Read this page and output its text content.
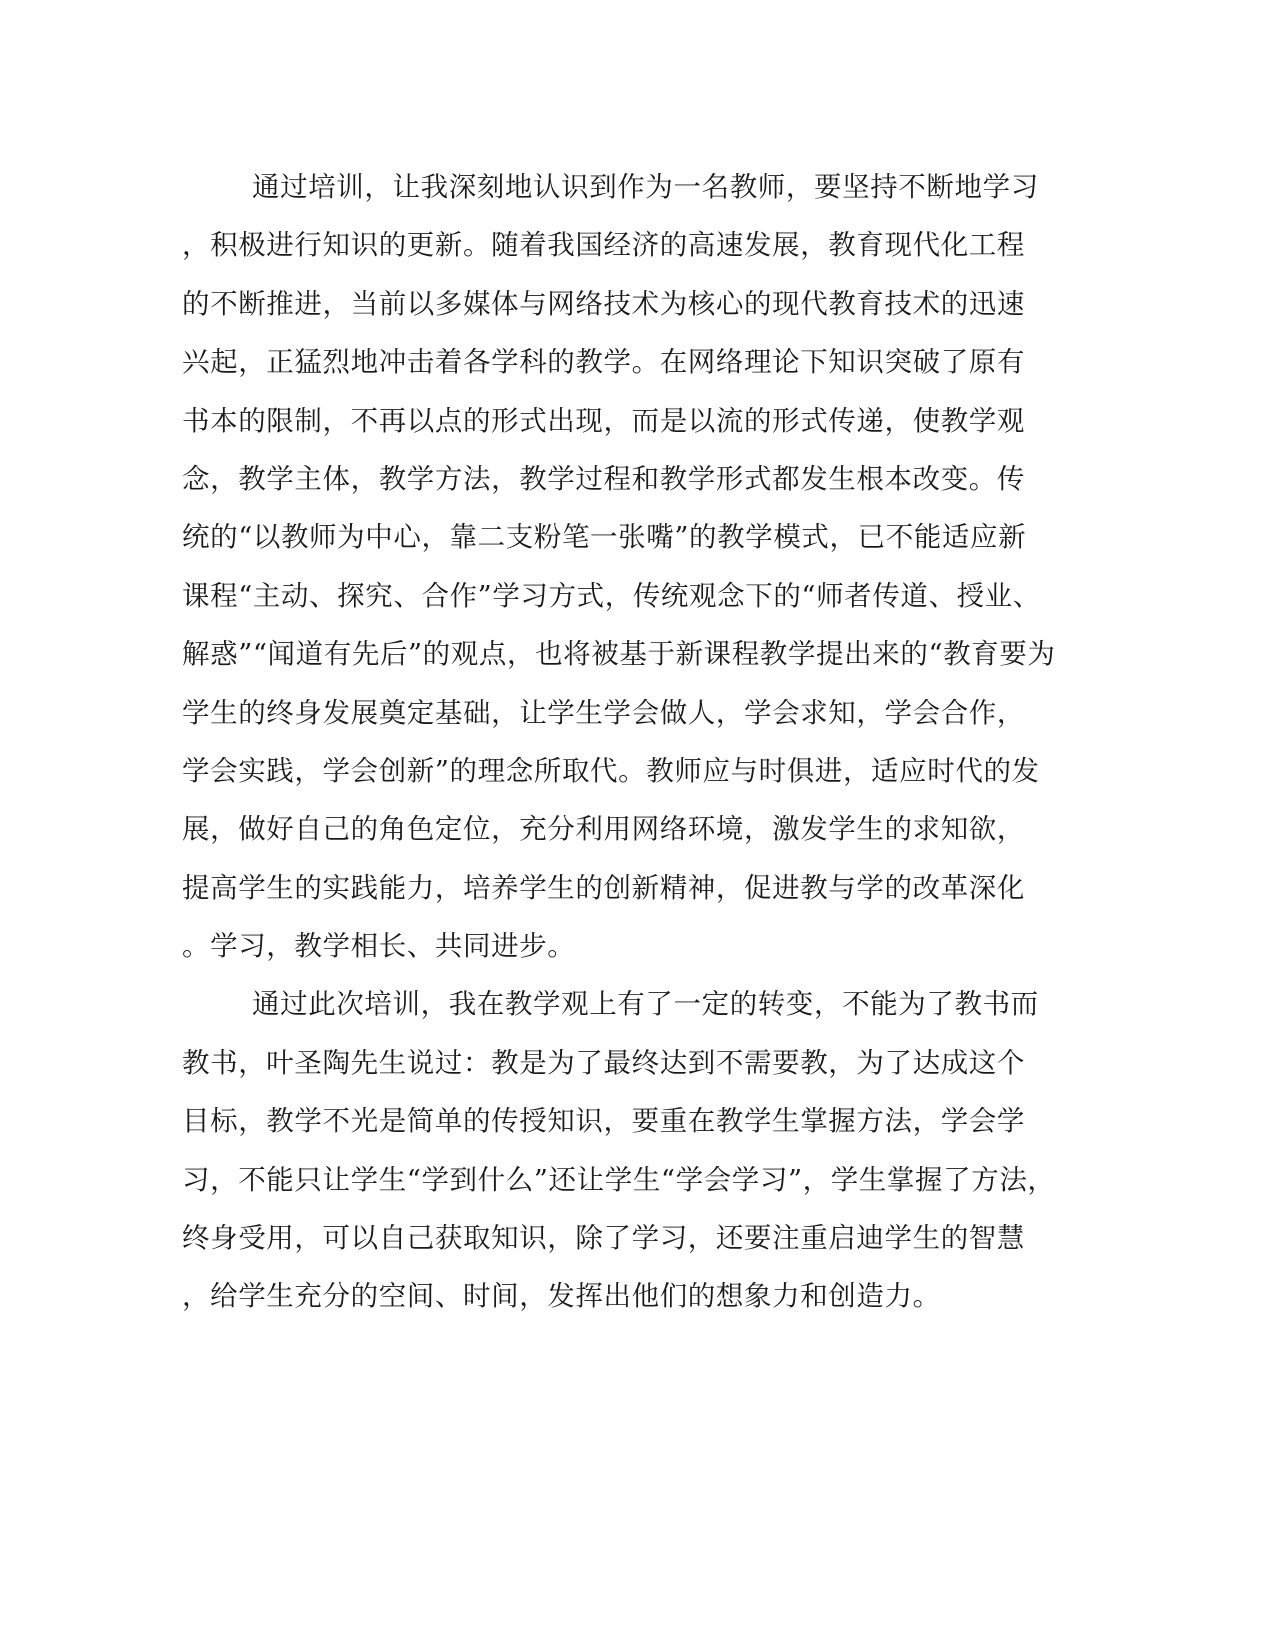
通过培训，让我深刻地认识到作为一名教师，要坚持不断地学习
，积极进行知识的更新。随着我国经济的高速发展，教育现代化工程
的不断推进，当前以多媒体与网络技术为核心的现代教育技术的迅速
兴起，正猛烈地冲击着各学科的教学。在网络理论下知识突破了原有
书本的限制，不再以点的形式出现，而是以流的形式传递，使教学观
念，教学主体，教学方法，教学过程和教学形式都发生根本改变。传
统的“以教师为中心，靠二支粉笔一张嘴”的教学模式，已不能适应新
课程“主动、探究、合作”学习方式，传统观念下的“师者传道、授业、
解惑”“闻道有先后”的观点，也将被基于新课程教学提出来的“教育要为
学生的终身发展奠定基础，让学生学会做人，学会求知，学会合作，
学会实践，学会创新”的理念所取代。教师应与时俱进，适应时代的发
展，做好自己的角色定位，充分利用网络环境，激发学生的求知欲，
提高学生的实践能力，培养学生的创新精神，促进教与学的改革深化
。学习，教学相长、共同进步。
通过此次培训，我在教学观上有了一定的转变，不能为了教书而
教书，叶圣陶先生说过：教是为了最终达到不需要教，为了达成这个
目标，教学不光是简单的传授知识，要重在教学生掌握方法，学会学
习，不能只让学生“学到什么”还让学生“学会学习”，学生掌握了方法，
终身受用，可以自己获取知识，除了学习，还要注重启迪学生的智慧
，给学生充分的空间、时间，发挥出他们的想象力和创造力。
